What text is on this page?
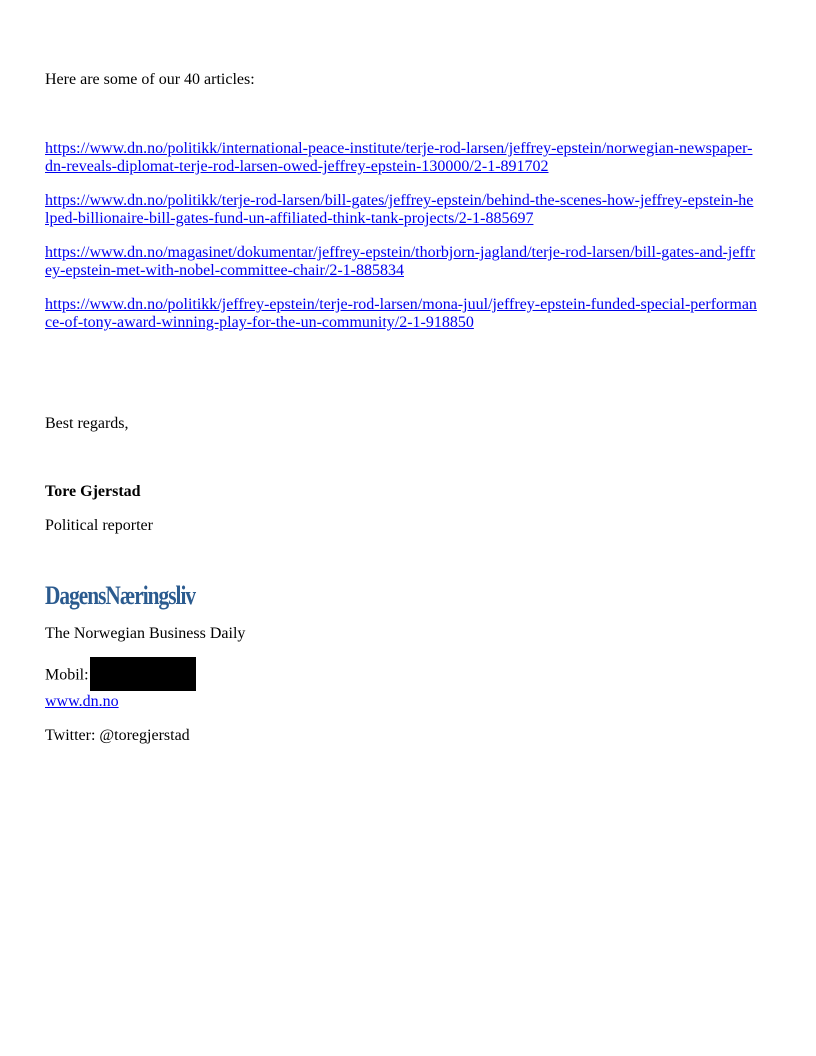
Here are some of our 40 articles:
https://www.dn.no/politikk/international-peace-institute/terje-rod-larsen/jeffrey-epstein/norwegian-newspaper-dn-reveals-diplomat-terje-rod-larsen-owed-jeffrey-epstein-130000/2-1-891702
https://www.dn.no/politikk/terje-rod-larsen/bill-gates/jeffrey-epstein/behind-the-scenes-how-jeffrey-epstein-helped-billionaire-bill-gates-fund-un-affiliated-think-tank-projects/2-1-885697
https://www.dn.no/magasinet/dokumentar/jeffrey-epstein/thorbjorn-jagland/terje-rod-larsen/bill-gates-and-jeffrey-epstein-met-with-nobel-committee-chair/2-1-885834
https://www.dn.no/politikk/jeffrey-epstein/terje-rod-larsen/mona-juul/jeffrey-epstein-funded-special-performance-of-tony-award-winning-play-for-the-un-community/2-1-918850
Best regards,
Tore Gjerstad
Political reporter
DagensNæringsliv
The Norwegian Business Daily
Mobil:
www.dn.no
Twitter: @toregjerstad
